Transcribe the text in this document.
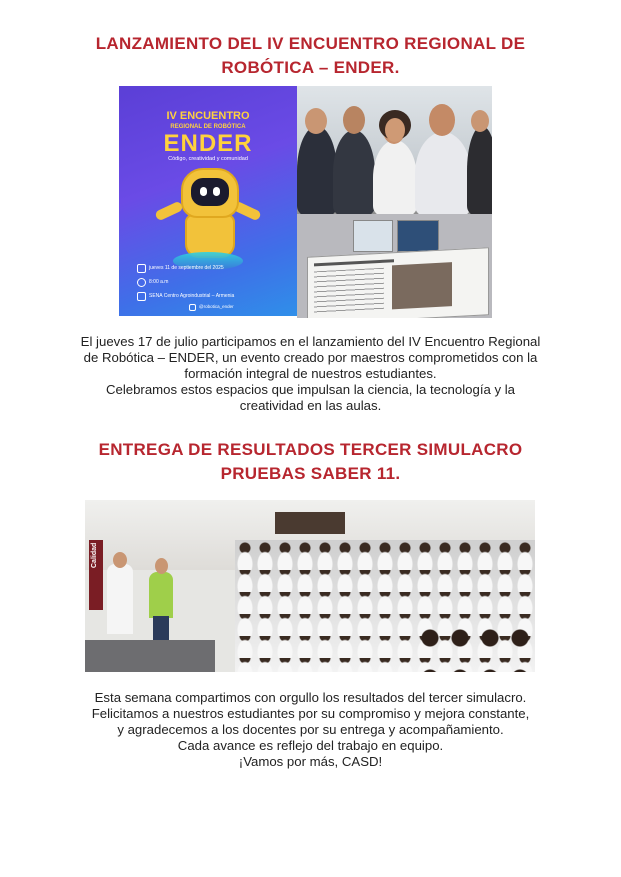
LANZAMIENTO DEL IV ENCUENTRO REGIONAL DE
ROBÓTICA – ENDER.
IV ENCUENTRO
REGIONAL DE ROBÓTICA
ENDER
Código, creatividad y comunidad
jueves 11 de septiembre del 2025
8:00 a.m
SENA Centro Agroindustrial – Armenia
@robotica_ender
El jueves 17 de julio participamos en el lanzamiento del IV Encuentro Regional
de Robótica – ENDER, un evento creado por maestros comprometidos con la
formación integral de nuestros estudiantes.
Celebramos estos espacios que impulsan la ciencia, la tecnología y la
creatividad en las aulas.
ENTREGA DE RESULTADOS TERCER SIMULACRO
PRUEBAS SABER 11.
Calidad
Esta semana compartimos con orgullo los resultados del tercer simulacro.
Felicitamos a nuestros estudiantes por su compromiso y mejora constante,
y agradecemos a los docentes por su entrega y acompañamiento.
Cada avance es reflejo del trabajo en equipo.
¡Vamos por más, CASD!
